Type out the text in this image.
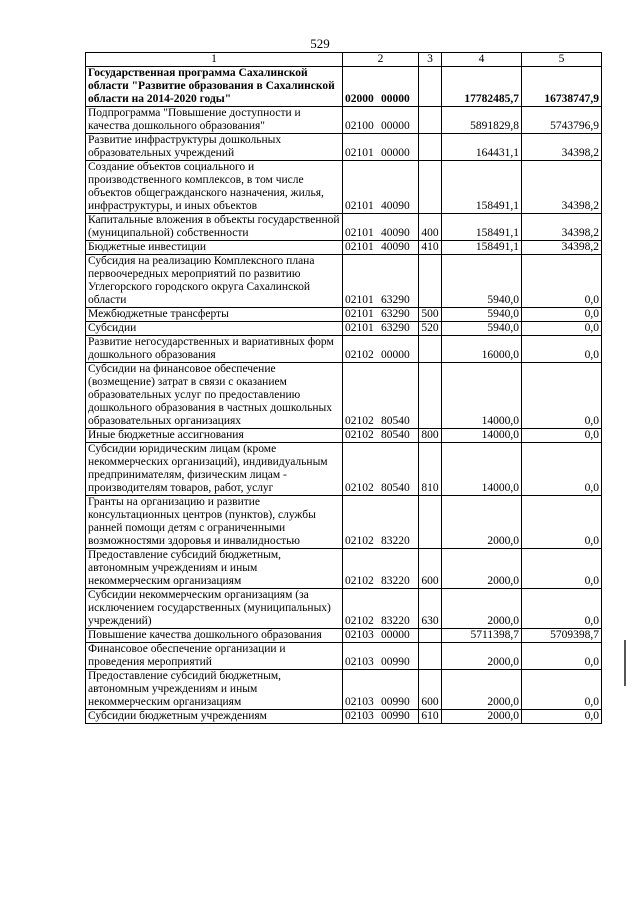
529
1	2	3	4	5
Государственная программа Сахалинской области "Развитие образования в Сахалинской области на 2014-2020 годы"	02000 00000		17782485,7	16738747,9
Подпрограмма "Повышение доступности и качества дошкольного образования"	02100 00000		5891829,8	5743796,9
Развитие инфраструктуры дошкольных образовательных учреждений	02101 00000		164431,1	34398,2
Создание объектов социального и производственного комплексов, в том числе объектов общегражданского назначения, жилья, инфраструктуры, и иных объектов	02101 40090		158491,1	34398,2
Капитальные вложения в объекты государственной (муниципальной) собственности	02101 40090	400	158491,1	34398,2
Бюджетные инвестиции	02101 40090	410	158491,1	34398,2
Субсидия на реализацию Комплексного плана первоочередных мероприятий по развитию Углегорского городского округа Сахалинской области	02101 63290		5940,0	0,0
Межбюджетные трансферты	02101 63290	500	5940,0	0,0
Субсидии	02101 63290	520	5940,0	0,0
Развитие негосударственных и вариативных форм дошкольного образования	02102 00000		16000,0	0,0
Субсидии на финансовое обеспечение (возмещение) затрат в связи с оказанием образовательных услуг по предоставлению дошкольного образования в частных дошкольных образовательных организациях	02102 80540		14000,0	0,0
Иные бюджетные ассигнования	02102 80540	800	14000,0	0,0
Субсидии юридическим лицам (кроме некоммерческих организаций), индивидуальным предпринимателям, физическим лицам - производителям товаров, работ, услуг	02102 80540	810	14000,0	0,0
Гранты на организацию и развитие консультационных центров (пунктов), службы ранней помощи детям с ограниченными возможностями здоровья и инвалидностью	02102 83220		2000,0	0,0
Предоставление субсидий бюджетным, автономным учреждениям и иным некоммерческим организациям	02102 83220	600	2000,0	0,0
Субсидии некоммерческим организациям (за исключением государственных (муниципальных) учреждений)	02102 83220	630	2000,0	0,0
Повышение качества дошкольного образования	02103 00000		5711398,7	5709398,7
Финансовое обеспечение организации и проведения мероприятий	02103 00990		2000,0	0,0
Предоставление субсидий бюджетным, автономным учреждениям и иным некоммерческим организациям	02103 00990	600	2000,0	0,0
Субсидии бюджетным учреждениям	02103 00990	610	2000,0	0,0
